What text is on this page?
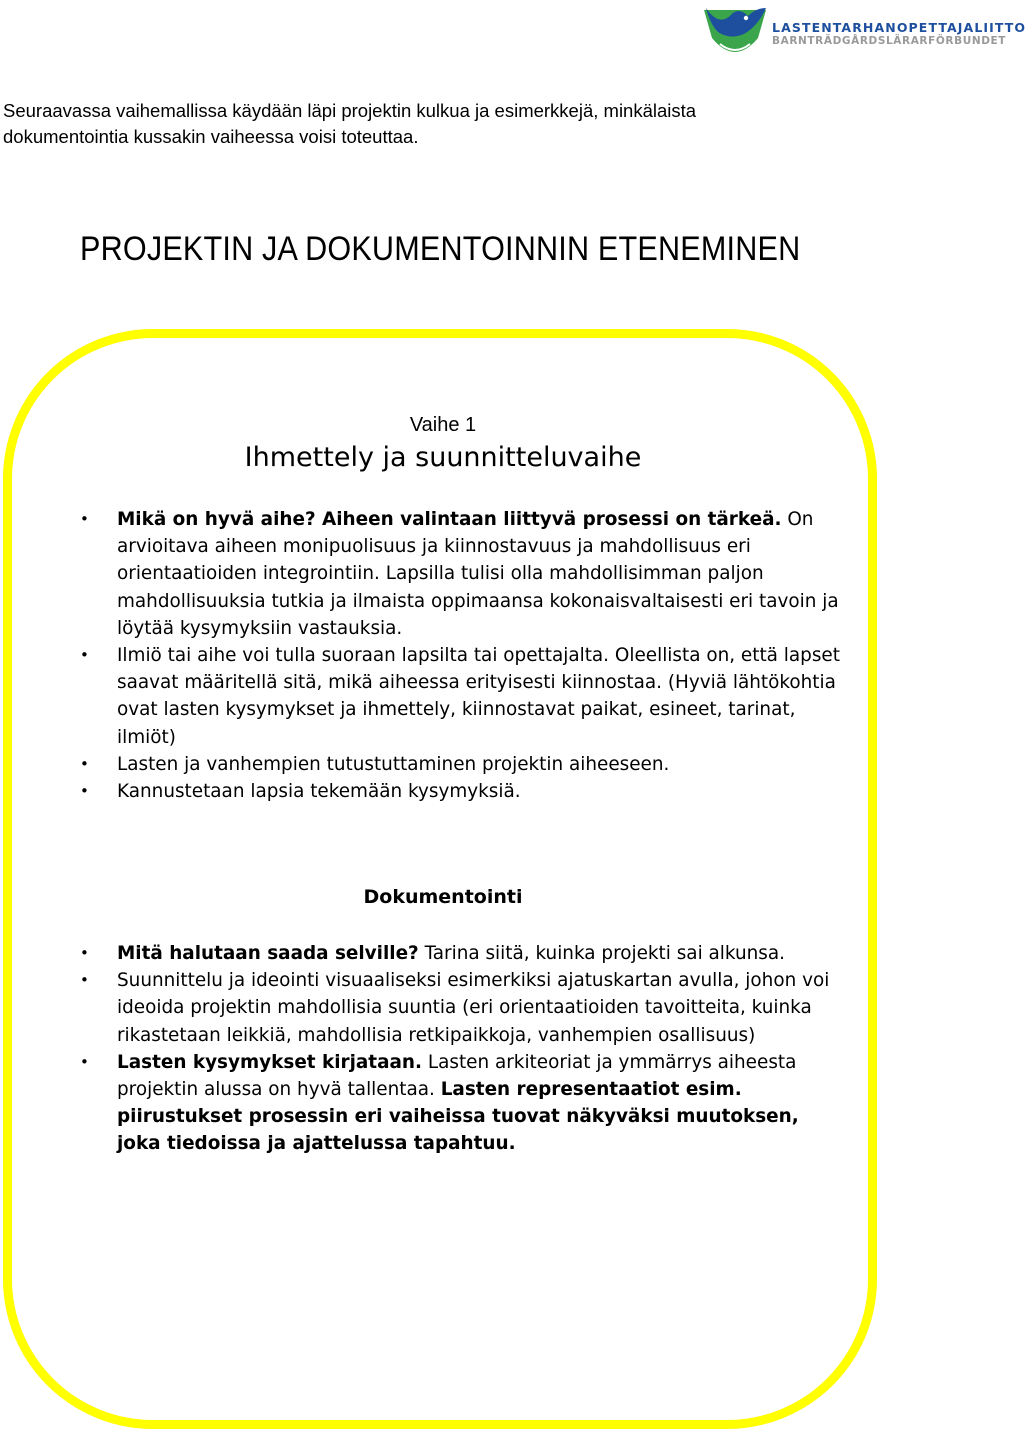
LASTENTARHANOPETTAJALIITTO
BARNTRÄDGÅRDSLÄRARFÖRBUNDET

Seuraavassa vaihemallissa käydään läpi projektin kulkua ja esimerkkejä, minkälaista

dokumentointia kussakin vaiheessa voisi toteuttaa.

PROJEKTIN JA DOKUMENTOINNIN ETENEMINEN
Vaihe 1
Ihmettely ja suunnitteluvaihe
• Mikä on hyvä aihe? Aiheen valintaan liittyvä prosessi on tärkeä. On arvioitava aiheen monipuolisuus ja kiinnostavuus ja mahdollisuus eri orientaatioiden integrointiin. Lapsilla tulisi olla mahdollisimman paljon mahdollisuuksia tutkia ja ilmaista oppimaansa kokonaisvaltaisesti eri tavoin ja löytää kysymyksiin vastauksia.
• Ilmiö tai aihe voi tulla suoraan lapsilta tai opettajalta. Oleellista on, että lapset saavat määritellä sitä, mikä aiheessa erityisesti kiinnostaa. (Hyviä lähtökohtia ovat lasten kysymykset ja ihmettely, kiinnostavat paikat, esineet, tarinat, ilmiöt)
• Lasten ja vanhempien tutustuttaminen projektin aiheeseen.
• Kannustetaan lapsia tekemään kysymyksiä.
Dokumentointi
• Mitä halutaan saada selville? Tarina siitä, kuinka projekti sai alkunsa.
• Suunnittelu ja ideointi visuaaliseksi esimerkiksi ajatuskartan avulla, johon voi ideoida projektin mahdollisia suuntia (eri orientaatioiden tavoitteita, kuinka rikastetaan leikkiä, mahdollisia retkipaikkoja, vanhempien osallisuus)
• Lasten kysymykset kirjataan. Lasten arkiteoriat ja ymmärrys aiheesta projektin alussa on hyvä tallentaa. Lasten representaatiot esim. piirustukset prosessin eri vaiheissa tuovat näkyväksi muutoksen, joka tiedoissa ja ajattelussa tapahtuu.
